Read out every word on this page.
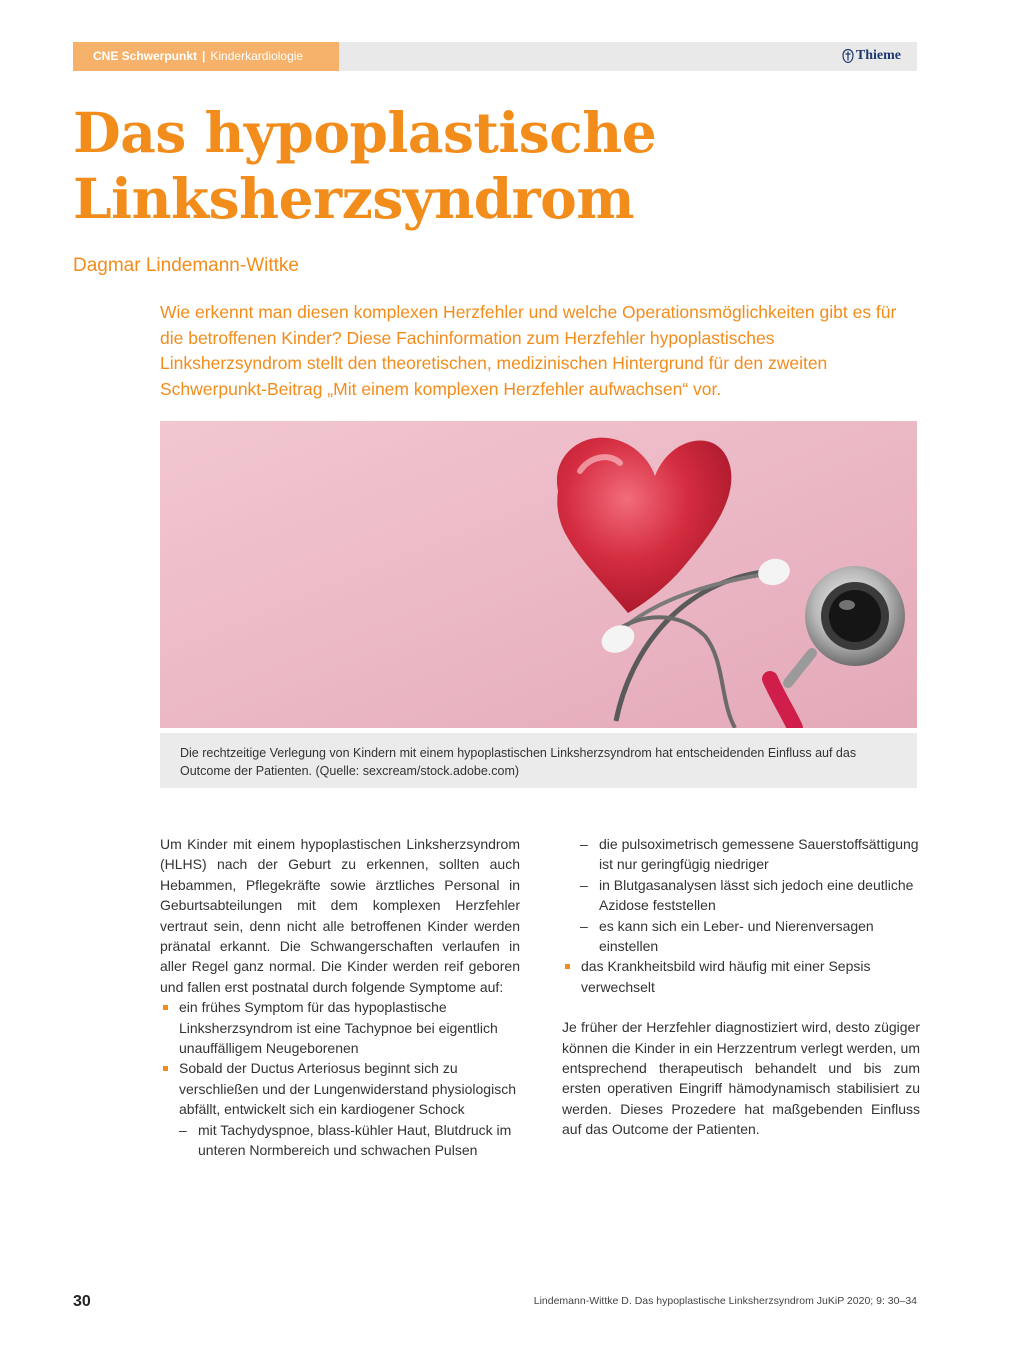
CNE Schwerpunkt | Kinderkardiologie	Thieme
Das hypoplastische
Linksherzsyndrom
Dagmar Lindemann-Wittke
Wie erkennt man diesen komplexen Herzfehler und welche Operationsmöglichkeiten gibt es für die betroffenen Kinder? Diese Fachinformation zum Herzfehler hypoplastisches Linksherzsyndrom stellt den theoretischen, medizinischen Hintergrund für den zweiten Schwerpunkt-Beitrag „Mit einem komplexen Herzfehler aufwachsen“ vor.
Die rechtzeitige Verlegung von Kindern mit einem hypoplastischen Linksherzsyndrom hat entscheidenden Einfluss auf das Outcome der Patienten. (Quelle: sexcream/stock.adobe.com)

Um Kinder mit einem hypoplastischen Linksherzsyndrom (HLHS) nach der Geburt zu erkennen, sollten auch Hebammen, Pflegekräfte sowie ärztliches Personal in Geburtsabteilungen mit dem komplexen Herzfehler vertraut sein, denn nicht alle betroffenen Kinder werden pränatal erkannt. Die Schwangerschaften verlaufen in aller Regel ganz normal. Die Kinder werden reif geboren und fallen erst postnatal durch folgende Symptome auf:

ein frühes Symptom für das hypoplastische Linksherzsyndrom ist eine Tachypnoe bei eigentlich unauffälligem Neugeborenen
Sobald der Ductus Arteriosus beginnt sich zu verschließen und der Lungenwiderstand physiologisch abfällt, entwickelt sich ein kardiogener Schock
– mit Tachydyspnoe, blass-kühler Haut, Blutdruck im unteren Normbereich und schwachen Pulsen
– die pulsoximetrisch gemessene Sauerstoffsättigung ist nur geringfügig niedriger
– in Blutgasanalysen lässt sich jedoch eine deutliche Azidose feststellen
– es kann sich ein Leber- und Nierenversagen einstellen
das Krankheitsbild wird häufig mit einer Sepsis verwechselt

Je früher der Herzfehler diagnostiziert wird, desto zügiger können die Kinder in ein Herzzentrum verlegt werden, um entsprechend therapeutisch behandelt und bis zum ersten operativen Eingriff hämodynamisch stabilisiert zu werden. Dieses Prozedere hat maßgebenden Einfluss auf das Outcome der Patienten.

30	Lindemann-Wittke D. Das hypoplastische Linksherzsyndrom JuKiP 2020; 9: 30–34
